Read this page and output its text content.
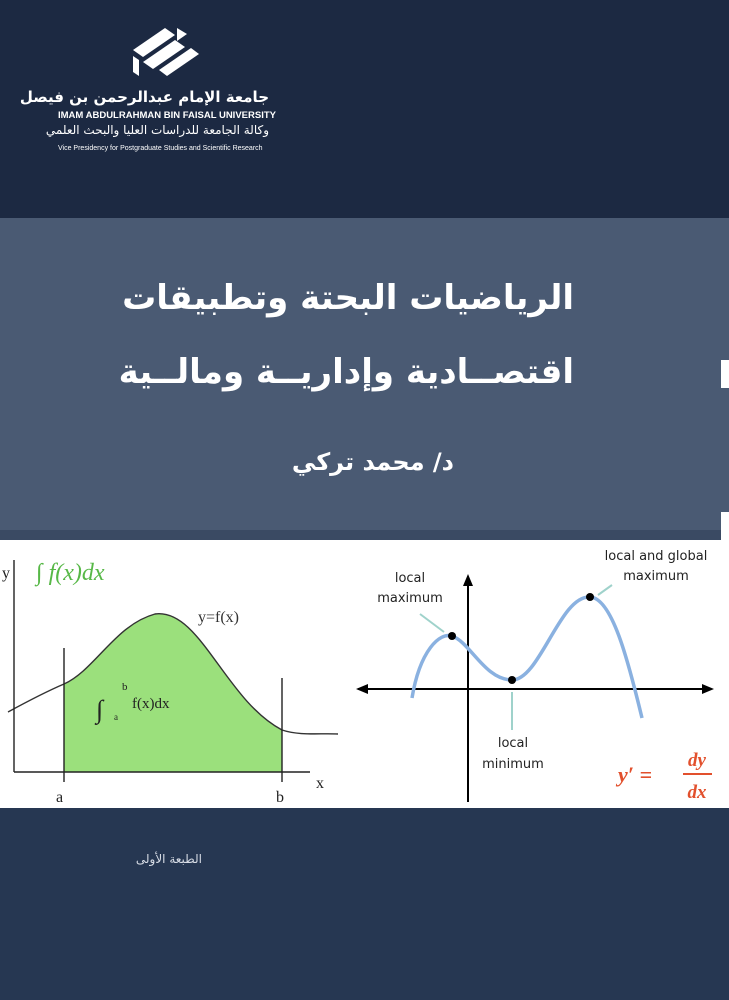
جامعة الإمام عبدالرحمن بن فيصل
IMAM ABDULRAHMAN BIN FAISAL UNIVERSITY
وكالة الجامعة للدراسات العليا والبحث العلمي
Vice Presidency for Postgraduate Studies and Scientific Research
الرياضيات البحتة وتطبيقات
اقتصــادية وإداريــة ومالــية
د/ محمد تركي
y
x
a	b
y=f(x)
∫ f(x)dx
∫
b
a
f(x)dx
local
maximum
local and global
maximum
local
minimum	y′ =
dy
dx
الطبعة الأولى
